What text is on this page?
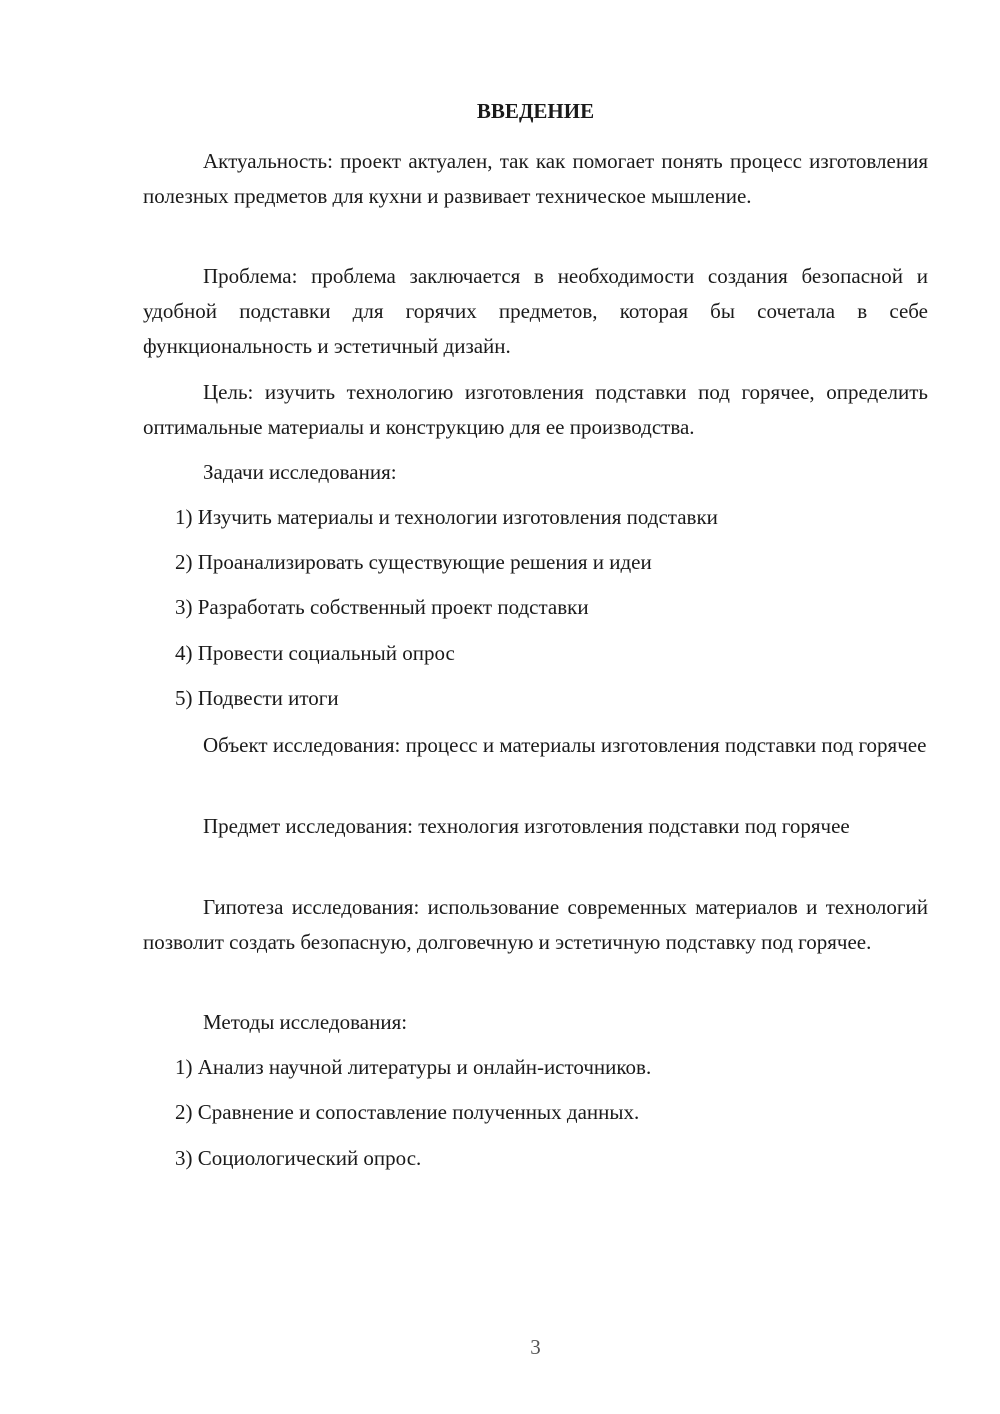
ВВЕДЕНИЕ

Актуальность: проект актуален, так как помогает понять процесс изготовления полезных предметов для кухни и развивает техническое мышление.

Проблема: проблема заключается в необходимости создания безопасной и удобной подставки для горячих предметов, которая бы сочетала в себе функциональность и эстетичный дизайн.

Цель: изучить технологию изготовления подставки под горячее, определить оптимальные материалы и конструкцию для ее производства.

Задачи исследования:

1) Изучить материалы и технологии изготовления подставки

2) Проанализировать существующие решения и идеи

3) Разработать собственный проект подставки

4) Провести социальный опрос

5) Подвести итоги

Объект исследования: процесс и материалы изготовления подставки под горячее

Предмет исследования: технология изготовления подставки под горячее

Гипотеза исследования: использование современных материалов и технологий позволит создать безопасную, долговечную и эстетичную подставку под горячее.

Методы исследования:

1) Анализ научной литературы и онлайн-источников.

2) Сравнение и сопоставление полученных данных.

3) Социологический опрос.

3
